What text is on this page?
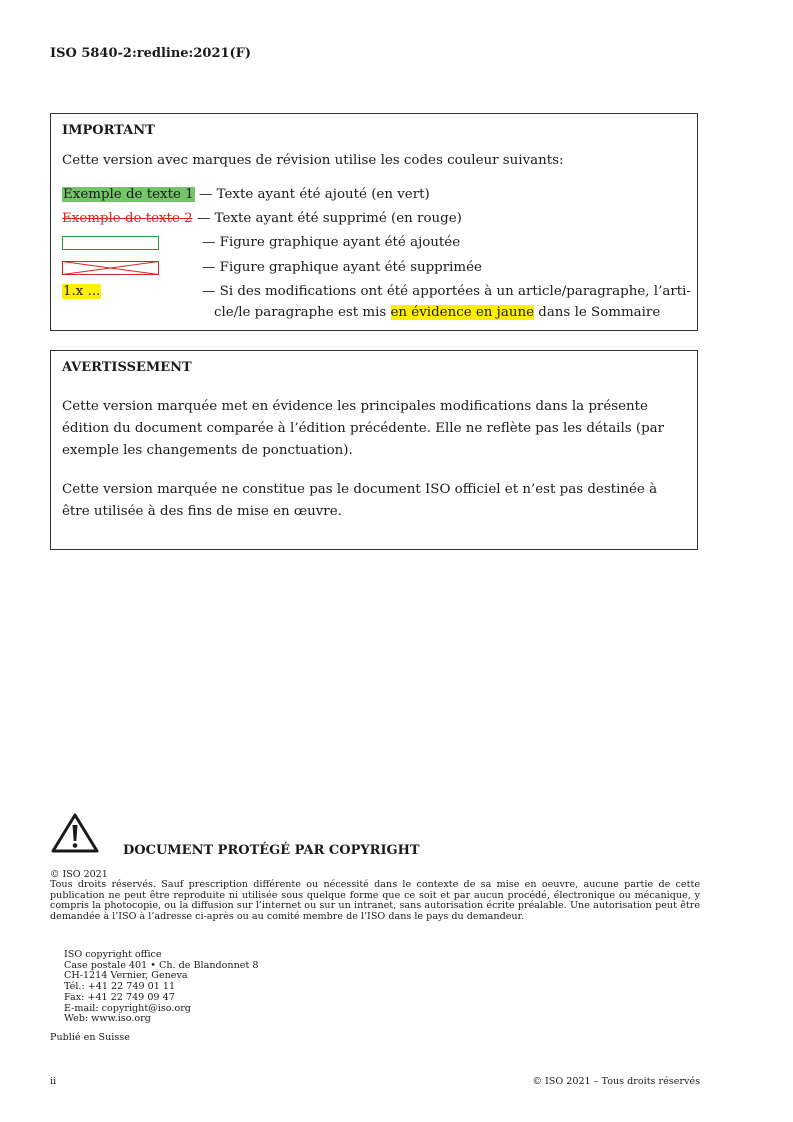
ISO 5840-2:redline:2021(F)
IMPORTANT
Cette version avec marques de révision utilise les codes couleur suivants:
Exemple de texte 1 — Texte ayant été ajouté (en vert)
Exemple de texte 2 — Texte ayant été supprimé (en rouge)
— Figure graphique ayant été ajoutée
— Figure graphique ayant été supprimée
1.x ...	— Si des modifications ont été apportées à un article/paragraphe, l’arti-
cle/le paragraphe est mis en évidence en jaune dans le Sommaire
AVERTISSEMENT
Cette version marquée met en évidence les principales modifications dans la présente édition du document comparée à l’édition précédente. Elle ne reflète pas les détails (par exemple les changements de ponctuation).
Cette version marquée ne constitue pas le document ISO officiel et n’est pas destinée à être utilisée à des fins de mise en œuvre.
DOCUMENT PROTÉGÉ PAR COPYRIGHT
© ISO 2021
Tous droits réservés. Sauf prescription différente ou nécessité dans le contexte de sa mise en oeuvre, aucune partie de cette publication ne peut être reproduite ni utilisée sous quelque forme que ce soit et par aucun procédé, électronique ou mécanique, y compris la photocopie, ou la diffusion sur l’internet ou sur un intranet, sans autorisation écrite préalable. Une autorisation peut être demandée à l’ISO à l’adresse ci-après ou au comité membre de l’ISO dans le pays du demandeur.
ISO copyright office
Case postale 401 • Ch. de Blandonnet 8
CH-1214 Vernier, Geneva
Tél.: +41 22 749 01 11
Fax: +41 22 749 09 47
E-mail: copyright@iso.org
Web: www.iso.org
Publié en Suisse
ii	© ISO 2021 – Tous droits réservés
